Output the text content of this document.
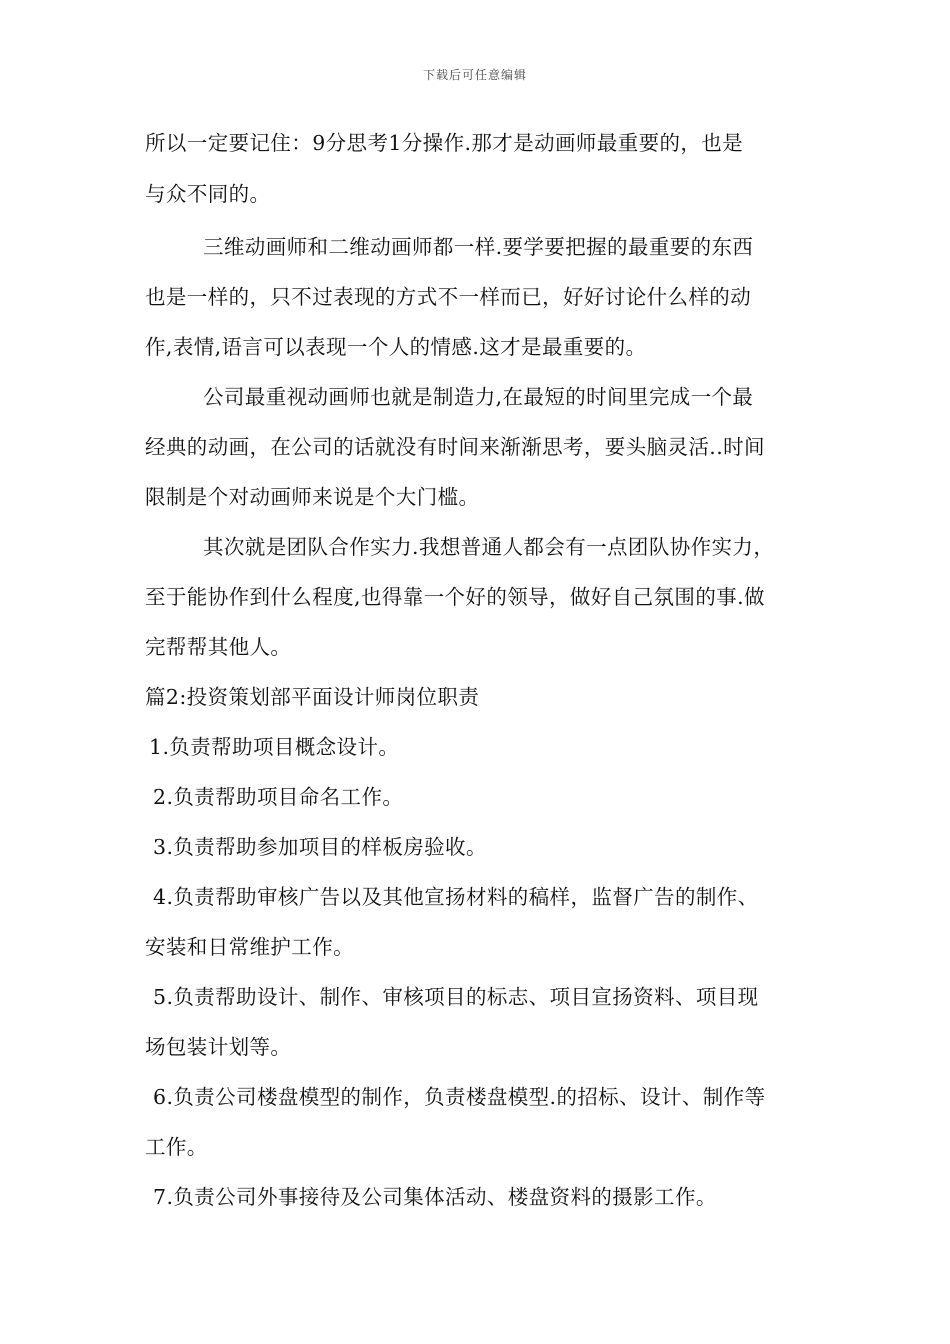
下载后可任意编辑
所以一定要记住：9分思考1分操作.那才是动画师最重要的，也是
与众不同的。
三维动画师和二维动画师都一样.要学要把握的最重要的东西
也是一样的，只不过表现的方式不一样而已，好好讨论什么样的动
作,表情,语言可以表现一个人的情感.这才是最重要的。
公司最重视动画师也就是制造力,在最短的时间里完成一个最
经典的动画，在公司的话就没有时间来渐渐思考，要头脑灵活..时间
限制是个对动画师来说是个大门槛。
其次就是团队合作实力.我想普通人都会有一点团队协作实力，
至于能协作到什么程度,也得靠一个好的领导，做好自己氛围的事.做
完帮帮其他人。
篇2:投资策划部平面设计师岗位职责
1.负责帮助项目概念设计。
2.负责帮助项目命名工作。
3.负责帮助参加项目的样板房验收。
4.负责帮助审核广告以及其他宣扬材料的稿样，监督广告的制作、
安装和日常维护工作。
5.负责帮助设计、制作、审核项目的标志、项目宣扬资料、项目现
场包装计划等。
6.负责公司楼盘模型的制作，负责楼盘模型.的招标、设计、制作等
工作。
7.负责公司外事接待及公司集体活动、楼盘资料的摄影工作。
